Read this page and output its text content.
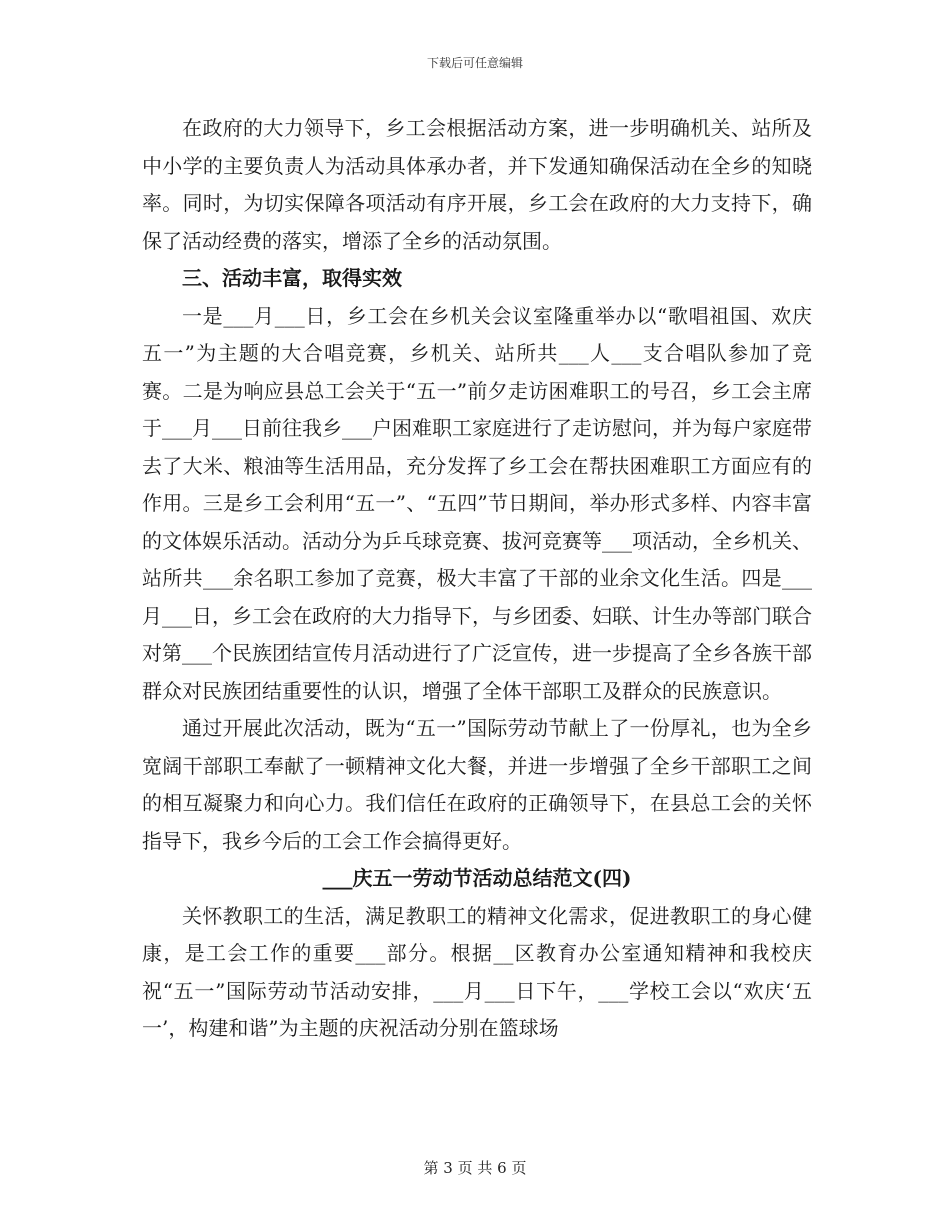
下载后可任意编辑

在政府的大力领导下，乡工会根据活动方案，进一步明确机关、站所及中小学的主要负责人为活动具体承办者，并下发通知确保活动在全乡的知晓率。同时，为切实保障各项活动有序开展，乡工会在政府的大力支持下，确保了活动经费的落实，增添了全乡的活动氛围。

三、活动丰富，取得实效

一是___月___日，乡工会在乡机关会议室隆重举办以“歌唱祖国、欢庆五一”为主题的大合唱竞赛，乡机关、站所共___人___支合唱队参加了竞赛。二是为响应县总工会关于“五一”前夕走访困难职工的号召，乡工会主席于___月___日前往我乡___户困难职工家庭进行了走访慰问，并为每户家庭带去了大米、粮油等生活用品，充分发挥了乡工会在帮扶困难职工方面应有的作用。三是乡工会利用“五一”、“五四”节日期间，举办形式多样、内容丰富的文体娱乐活动。活动分为乒乓球竞赛、拔河竞赛等___项活动，全乡机关、站所共___余名职工参加了竞赛，极大丰富了干部的业余文化生活。四是___月___日，乡工会在政府的大力指导下，与乡团委、妇联、计生办等部门联合对第___个民族团结宣传月活动进行了广泛宣传，进一步提高了全乡各族干部群众对民族团结重要性的认识，增强了全体干部职工及群众的民族意识。

通过开展此次活动，既为“五一”国际劳动节献上了一份厚礼，也为全乡宽阔干部职工奉献了一顿精神文化大餐，并进一步增强了全乡干部职工之间的相互凝聚力和向心力。我们信任在政府的正确领导下，在县总工会的关怀指导下，我乡今后的工会工作会搞得更好。

___庆五一劳动节活动总结范文(四)

关怀教职工的生活，满足教职工的精神文化需求，促进教职工的身心健康，是工会工作的重要___部分。根据__区教育办公室通知精神和我校庆祝“五一”国际劳动节活动安排，___月___日下午，___学校工会以“欢庆‘五一’，构建和谐”为主题的庆祝活动分别在篮球场

第 3 页 共 6 页
